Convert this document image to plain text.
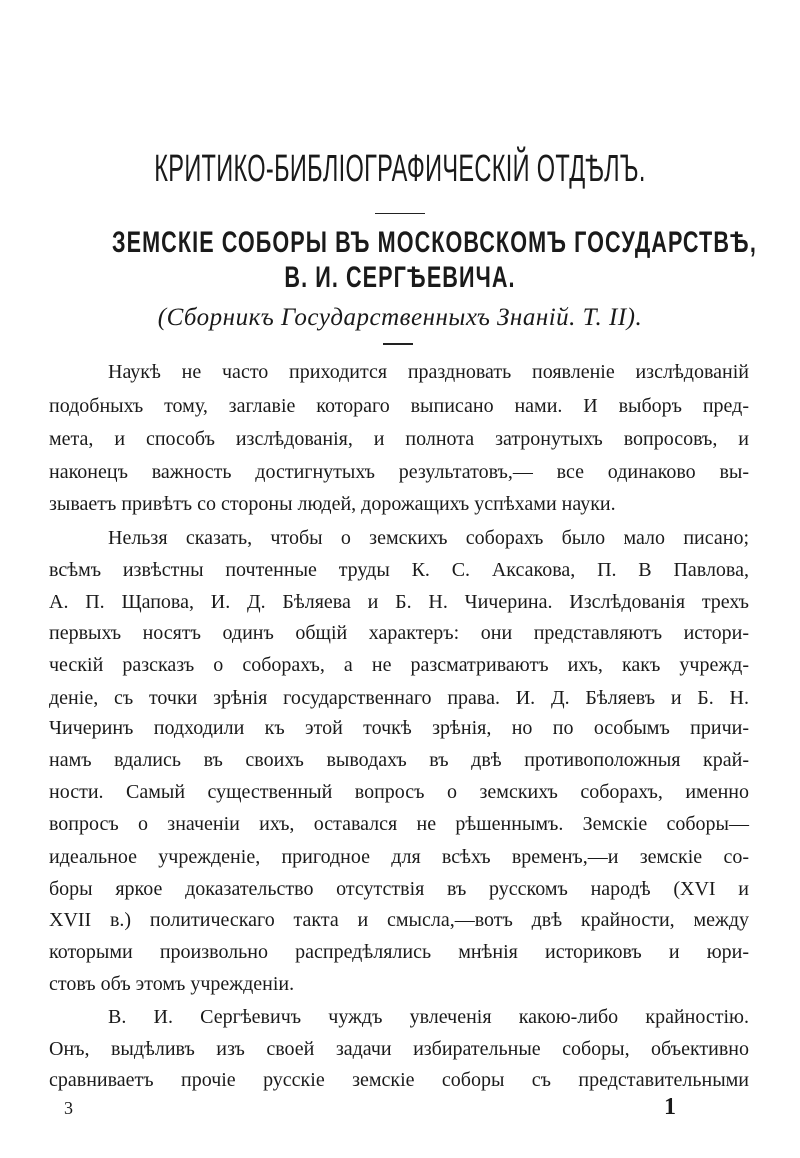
КРИТИКО-БИБЛІОГРАФИЧЕСКІЙ ОТДѢЛЪ.
ЗЕМСКІЕ СОБОРЫ ВЪ МОСКОВСКОМЪ ГОСУДАРСТВѢ,
В. И. СЕРГѢЕВИЧА.
(Сборникъ Государственныхъ Знаній. Т. II).
Наукѣ не часто приходится праздновать появленіе изслѣдованій
подобныхъ тому, заглавіе котораго выписано нами. И выборъ пред-
мета, и способъ изслѣдованія, и полнота затронутыхъ вопросовъ, и
наконецъ важность достигнутыхъ результатовъ,— все одинаково вы-
зываетъ привѣтъ со стороны людей, дорожащихъ успѣхами науки.
Нельзя сказать, чтобы о земскихъ соборахъ было мало писано;
всѣмъ извѣстны почтенные труды К. С. Аксакова, П. В Павлова,
А. П. Щапова, И. Д. Бѣляева и Б. Н. Чичерина. Изслѣдованія трехъ
первыхъ носятъ одинъ общій характеръ: они представляютъ истори-
ческій разсказъ о соборахъ, а не разсматриваютъ ихъ, какъ учрежд-
деніе, съ точки зрѣнія государственнаго права. И. Д. Бѣляевъ и Б. Н.
Чичеринъ подходили къ этой точкѣ зрѣнія, но по особымъ причи-
намъ вдались въ своихъ выводахъ въ двѣ противоположныя край-
ности. Самый существенный вопросъ о земскихъ соборахъ, именно
вопросъ о значеніи ихъ, оставался не рѣшеннымъ. Земскіе соборы—
идеальное учрежденіе, пригодное для всѣхъ временъ,—и земскіе со-
боры яркое доказательство отсутствія въ русскомъ народѣ (XVI и
XVII в.) политическаго такта и смысла,—вотъ двѣ крайности, между
которыми произвольно распредѣлялись мнѣнія историковъ и юри-
стовъ объ этомъ учрежденіи.
В. И. Сергѣевичъ чуждъ увлеченія какою-либо крайностію.
Онъ, выдѣливъ изъ своей задачи избирательные соборы, объективно
сравниваетъ прочіе русскіе земскіе соборы съ представительными
3	1
